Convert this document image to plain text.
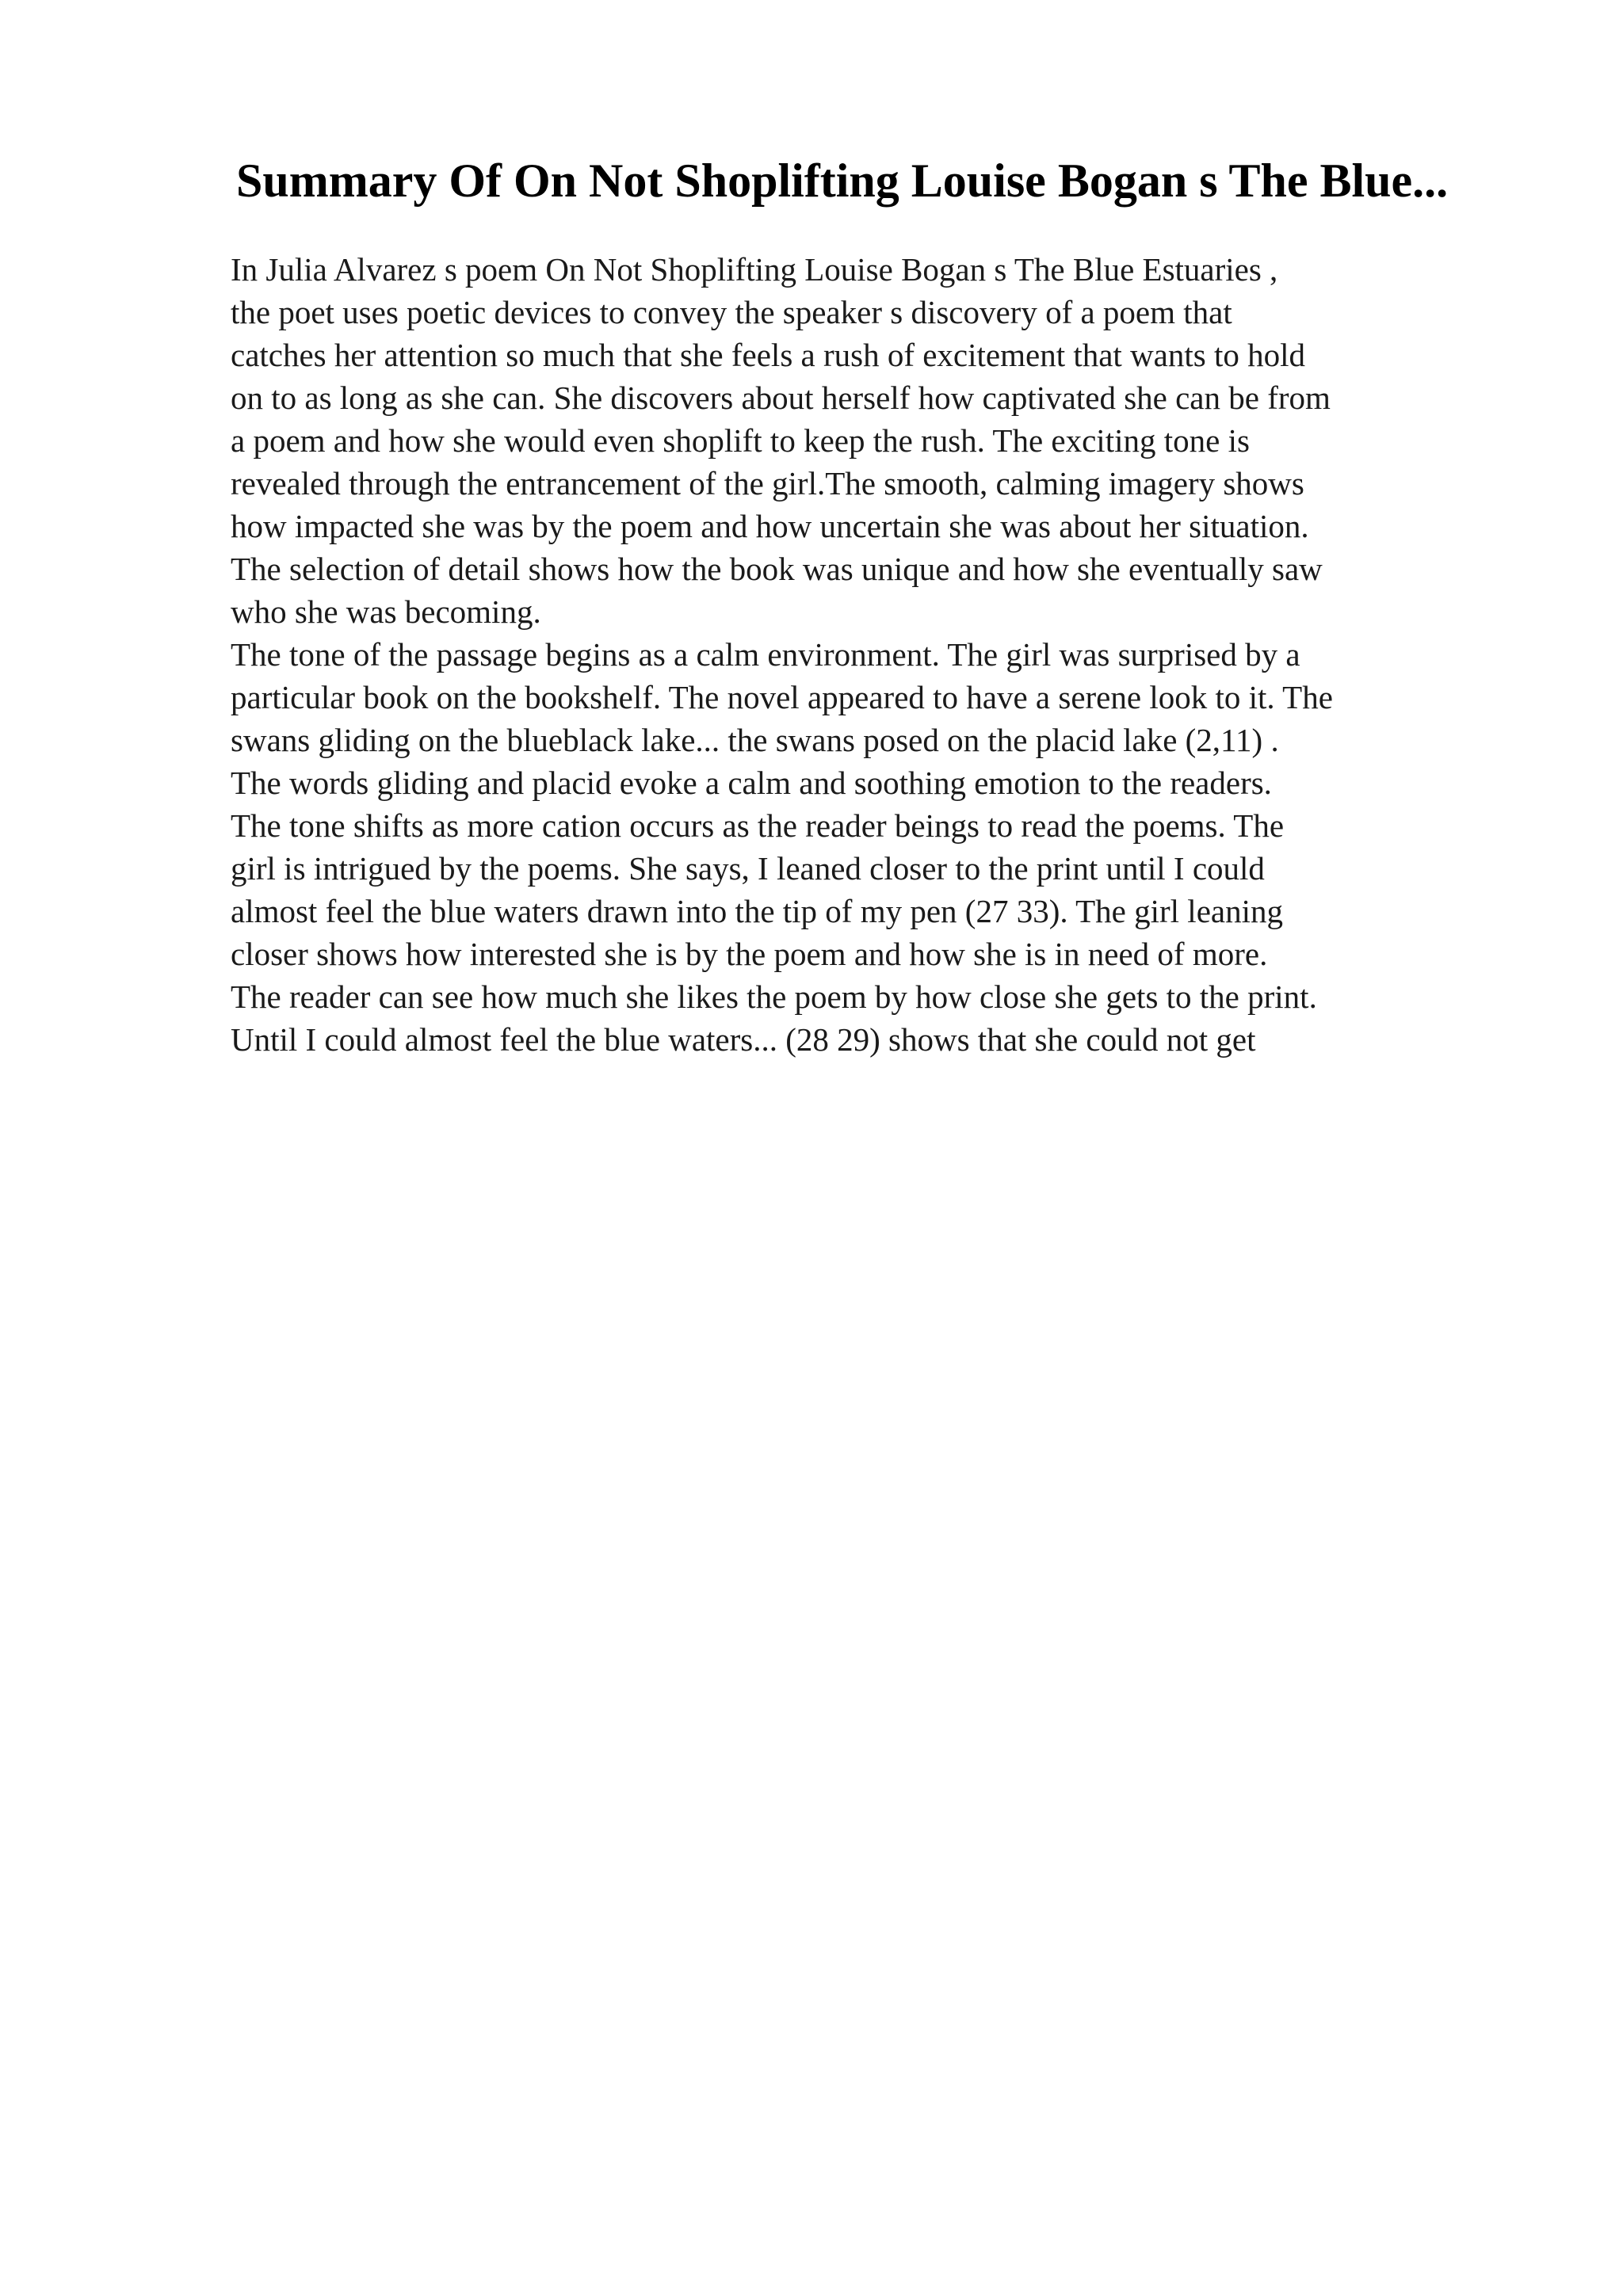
Summary Of On Not Shoplifting Louise Bogan s The Blue...
In Julia Alvarez s poem On Not Shoplifting Louise Bogan s The Blue Estuaries ,
the poet uses poetic devices to convey the speaker s discovery of a poem that
catches her attention so much that she feels a rush of excitement that wants to hold
on to as long as she can. She discovers about herself how captivated she can be from
a poem and how she would even shoplift to keep the rush. The exciting tone is
revealed through the entrancement of the girl.The smooth, calming imagery shows
how impacted she was by the poem and how uncertain she was about her situation.
The selection of detail shows how the book was unique and how she eventually saw
who she was becoming.
The tone of the passage begins as a calm environment. The girl was surprised by a
particular book on the bookshelf. The novel appeared to have a serene look to it. The
swans gliding on the blueblack lake... the swans posed on the placid lake (2,11) .
The words gliding and placid evoke a calm and soothing emotion to the readers.
The tone shifts as more cation occurs as the reader beings to read the poems. The
girl is intrigued by the poems. She says, I leaned closer to the print until I could
almost feel the blue waters drawn into the tip of my pen (27 33). The girl leaning
closer shows how interested she is by the poem and how she is in need of more.
The reader can see how much she likes the poem by how close she gets to the print.
Until I could almost feel the blue waters... (28 29) shows that she could not get
